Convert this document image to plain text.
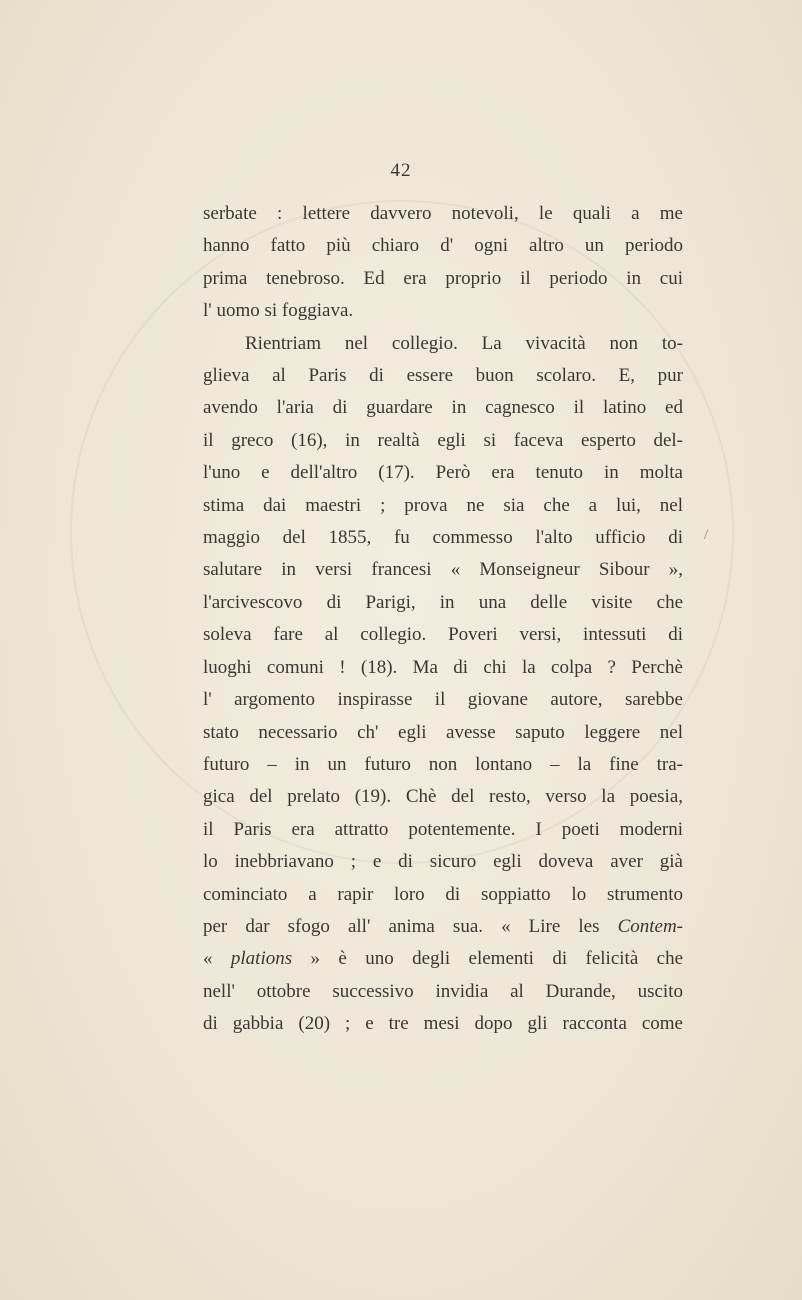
42
serbate : lettere davvero notevoli, le quali a me
hanno fatto più chiaro d' ogni altro un periodo
prima tenebroso. Ed era proprio il periodo in cui
l' uomo si foggiava.
Rientriam nel collegio. La vivacità non to-
glieva al Paris di essere buon scolaro. E, pur
avendo l'aria di guardare in cagnesco il latino ed
il greco (16), in realtà egli si faceva esperto del-
l'uno e dell'altro (17). Però era tenuto in molta
stima dai maestri ; prova ne sia che a lui, nel
maggio del 1855, fu commesso l'alto ufficio di
salutare in versi francesi « Monseigneur Sibour »,
l'arcivescovo di Parigi, in una delle visite che
soleva fare al collegio. Poveri versi, intessuti di
luoghi comuni ! (18). Ma di chi la colpa ? Perchè
l' argomento inspirasse il giovane autore, sarebbe
stato necessario ch' egli avesse saputo leggere nel
futuro – in un futuro non lontano – la fine tra-
gica del prelato (19). Chè del resto, verso la poesia,
il Paris era attratto potentemente. I poeti moderni
lo inebbriavano ; e di sicuro egli doveva aver già
cominciato a rapir loro di soppiatto lo strumento
per dar sfogo all' anima sua. « Lire les Contem-
« plations » è uno degli elementi di felicità che
nell' ottobre successivo invidia al Durande, uscito
di gabbia (20) ; e tre mesi dopo gli racconta come
/
